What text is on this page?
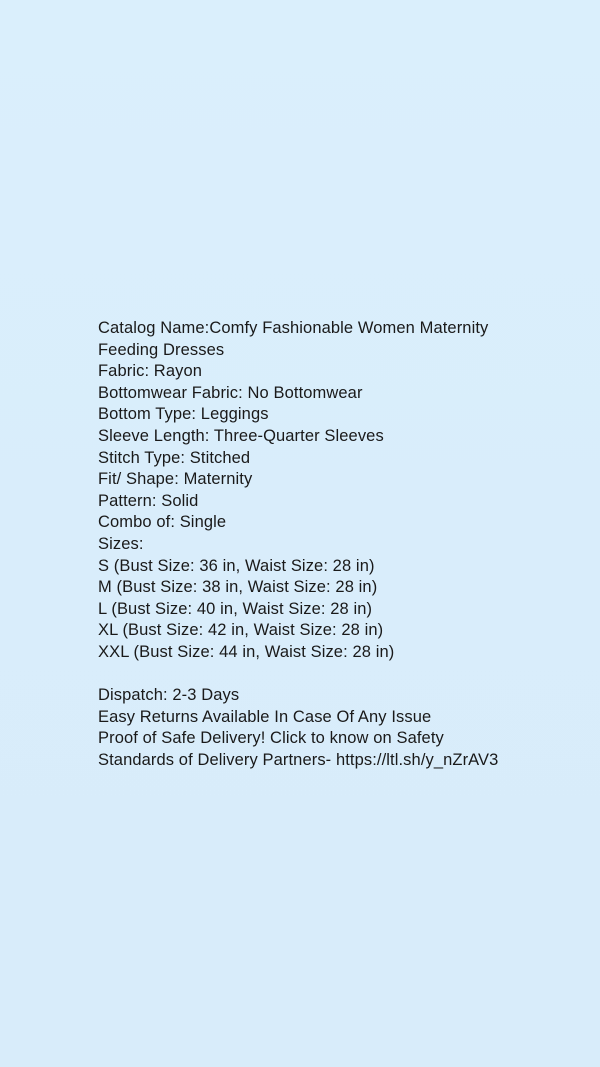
Catalog Name:Comfy Fashionable Women Maternity
Feeding Dresses
Fabric: Rayon
Bottomwear Fabric: No Bottomwear
Bottom Type: Leggings
Sleeve Length: Three-Quarter Sleeves
Stitch Type: Stitched
Fit/ Shape: Maternity
Pattern: Solid
Combo of: Single
Sizes:
S (Bust Size: 36 in, Waist Size: 28 in)
M (Bust Size: 38 in, Waist Size: 28 in)
L (Bust Size: 40 in, Waist Size: 28 in)
XL (Bust Size: 42 in, Waist Size: 28 in)
XXL (Bust Size: 44 in, Waist Size: 28 in)
Dispatch: 2-3 Days
Easy Returns Available In Case Of Any Issue
Proof of Safe Delivery! Click to know on Safety
Standards of Delivery Partners- https://ltl.sh/y_nZrAV3
